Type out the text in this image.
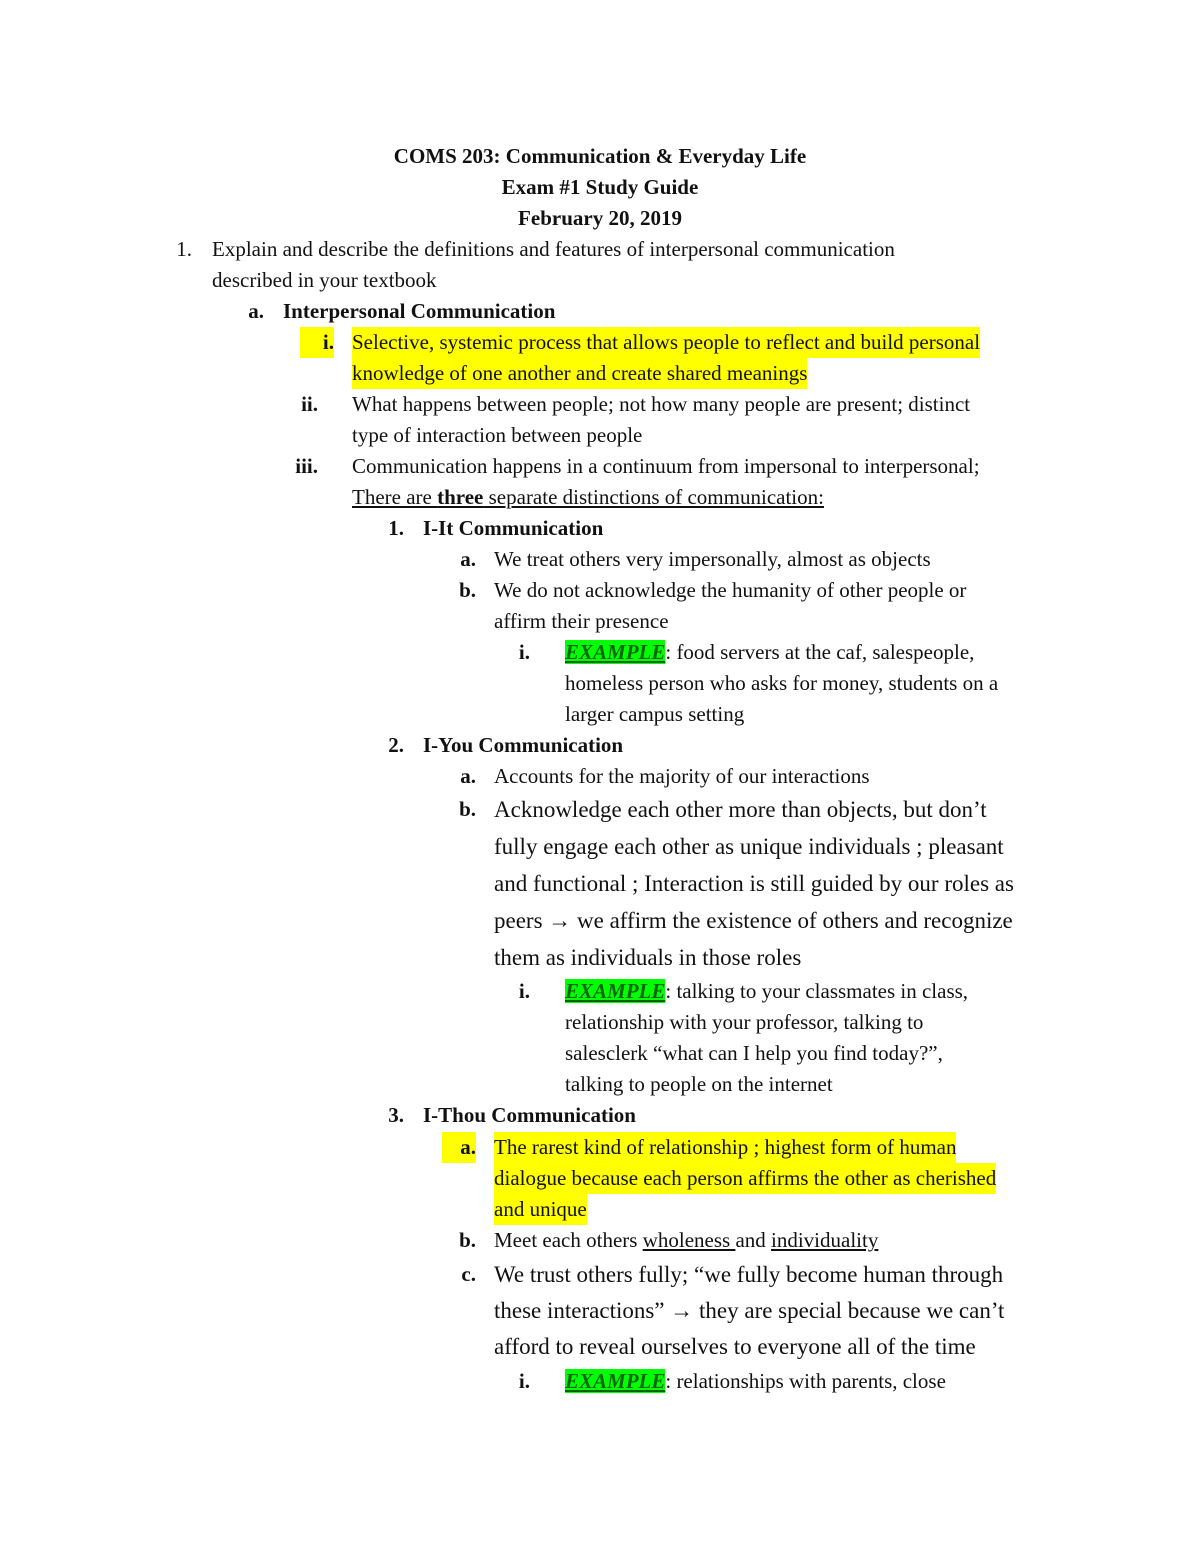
COMS 203: Communication & Everyday Life
Exam #1 Study Guide
February 20, 2019
1. Explain and describe the definitions and features of interpersonal communication
described in your textbook
a. Interpersonal Communication
i. Selective, systemic process that allows people to reflect and build personal
knowledge of one another and create shared meanings
ii. What happens between people; not how many people are present; distinct
type of interaction between people
iii. Communication happens in a continuum from impersonal to interpersonal;
There are three separate distinctions of communication:
1. I-It Communication
a. We treat others very impersonally, almost as objects
b. We do not acknowledge the humanity of other people or
affirm their presence
i. EXAMPLE: food servers at the caf, salespeople,
homeless person who asks for money, students on a
larger campus setting
2. I-You Communication
a. Accounts for the majority of our interactions
b. Acknowledge each other more than objects, but don’t
fully engage each other as unique individuals ; pleasant
and functional ; Interaction is still guided by our roles as
peers → we affirm the existence of others and recognize
them as individuals in those roles
i. EXAMPLE: talking to your classmates in class,
relationship with your professor, talking to
salesclerk “what can I help you find today?”,
talking to people on the internet
3. I-Thou Communication
a. The rarest kind of relationship ; highest form of human
dialogue because each person affirms the other as cherished
and unique
b. Meet each others wholeness and individuality
c. We trust others fully; “we fully become human through
these interactions” → they are special because we can’t
afford to reveal ourselves to everyone all of the time
i. EXAMPLE: relationships with parents, close
